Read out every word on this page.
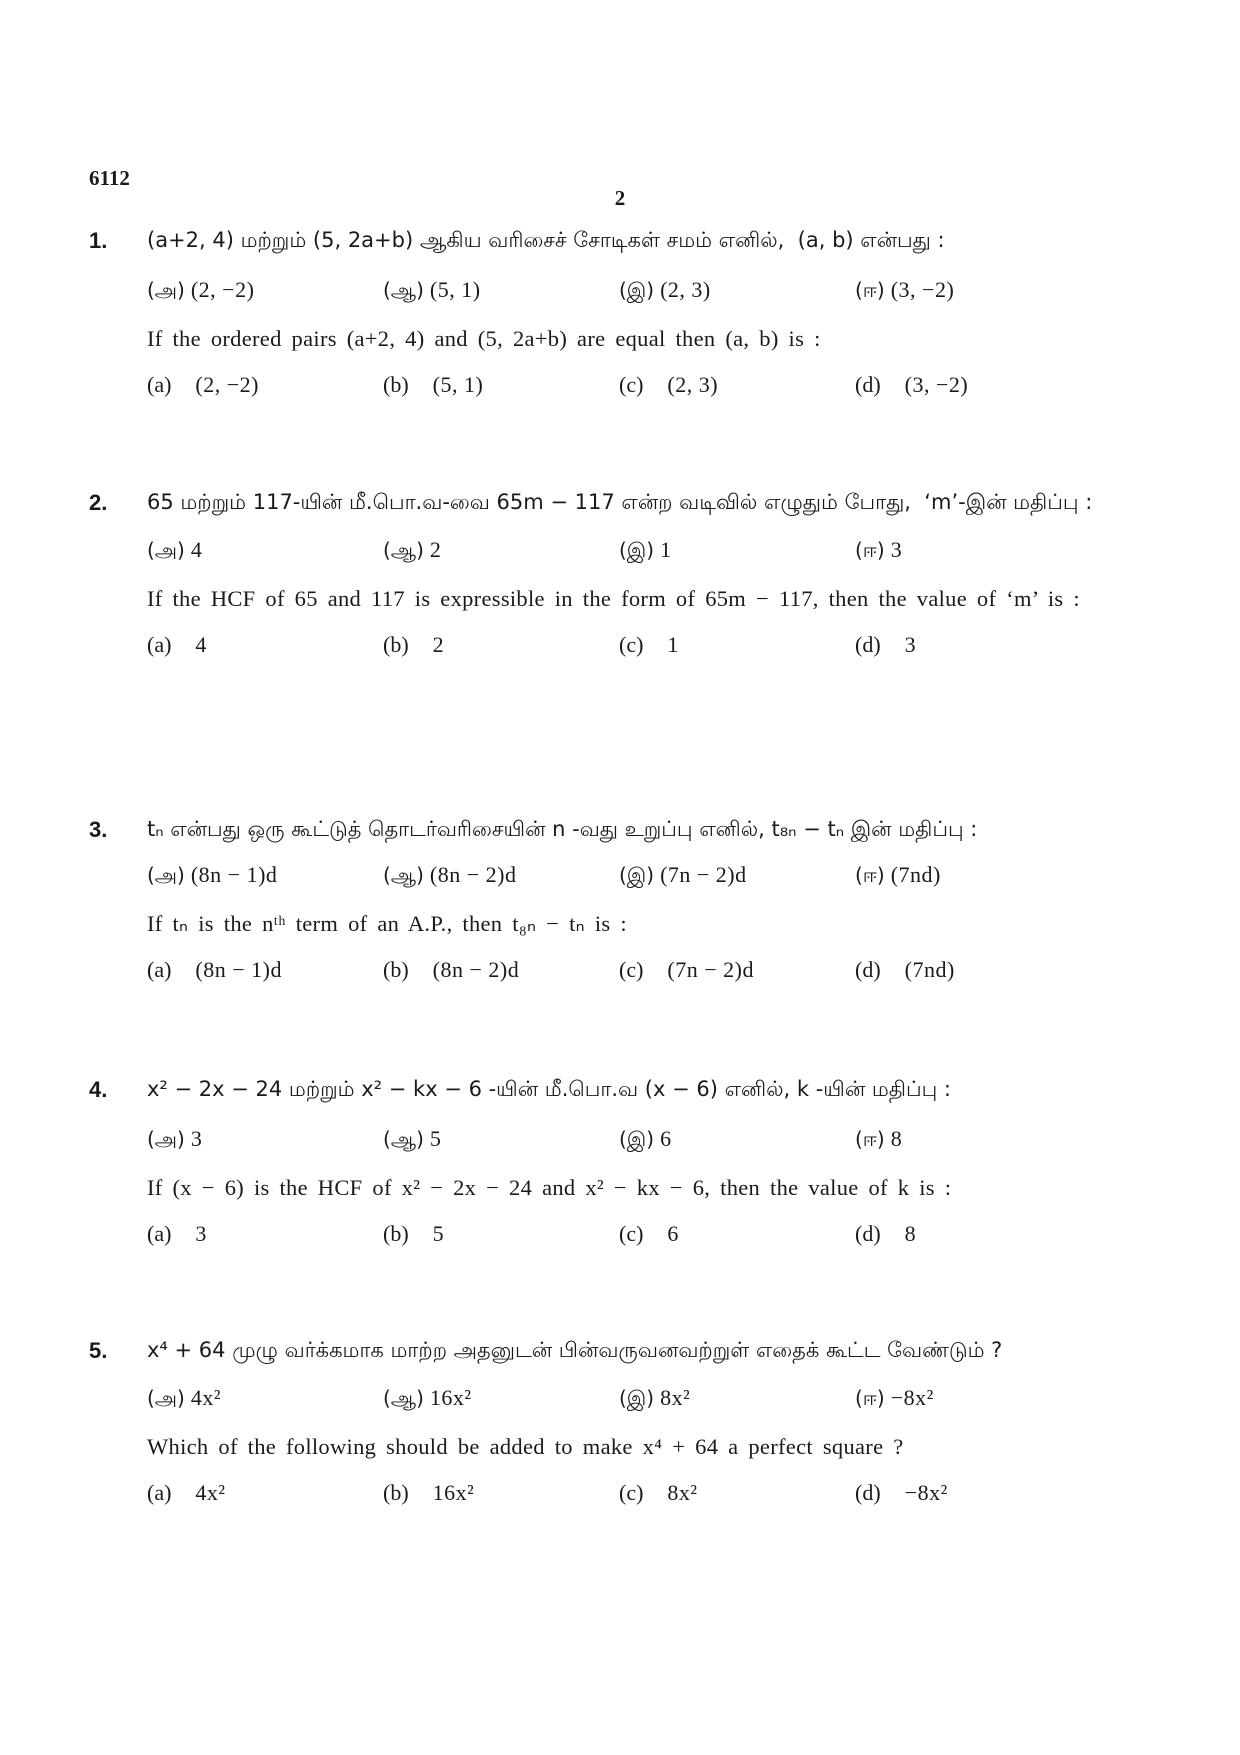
6112
2
1. (a+2, 4) மற்றும் (5, 2a+b) ஆகிய வரிசைச் சோடிகள் சமம் எனில்,  (a, b) என்பது :

(அ) (2, −2)	(ஆ) (5, 1)	(இ) (2, 3)	(ஈ) (3, −2)

If the ordered pairs (a+2, 4) and (5, 2a+b) are equal then (a, b) is :

(a) (2, −2)	(b) (5, 1)	(c) (2, 3)	(d) (3, −2)
2. 65 மற்றும் 117-யின் மீ.பொ.வ-வை 65m − 117 என்ற வடிவில் எழுதும் போது,  ‘m’-இன் மதிப்பு :

(அ) 4	(ஆ) 2	(இ) 1	(ஈ) 3

If the HCF of 65 and 117 is expressible in the form of 65m − 117, then the value of ‘m’ is :

(a) 4	(b) 2	(c) 1	(d) 3
3. tₙ என்பது ஒரு கூட்டுத் தொடர்வரிசையின் n -வது உறுப்பு எனில், t₈ₙ − tₙ இன் மதிப்பு :

(அ) (8n − 1)d	(ஆ) (8n − 2)d	(இ) (7n − 2)d	(ஈ) (7nd)

If tₙ is the nᵗʰ term of an A.P., then t₈ₙ − tₙ is :

(a) (8n − 1)d	(b) (8n − 2)d	(c) (7n − 2)d	(d) (7nd)
4. x² − 2x − 24 மற்றும் x² − kx − 6 -யின் மீ.பொ.வ (x − 6) எனில், k -யின் மதிப்பு :

(அ) 3	(ஆ) 5	(இ) 6	(ஈ) 8

If (x − 6) is the HCF of x² − 2x − 24 and x² − kx − 6, then the value of k is :

(a) 3	(b) 5	(c) 6	(d) 8
5. x⁴ + 64 முழு வர்க்கமாக மாற்ற அதனுடன் பின்வருவனவற்றுள் எதைக் கூட்ட வேண்டும் ?

(அ) 4x²	(ஆ) 16x²	(இ) 8x²	(ஈ) −8x²

Which of the following should be added to make x⁴ + 64 a perfect square ?

(a) 4x²	(b) 16x²	(c) 8x²	(d) −8x²
